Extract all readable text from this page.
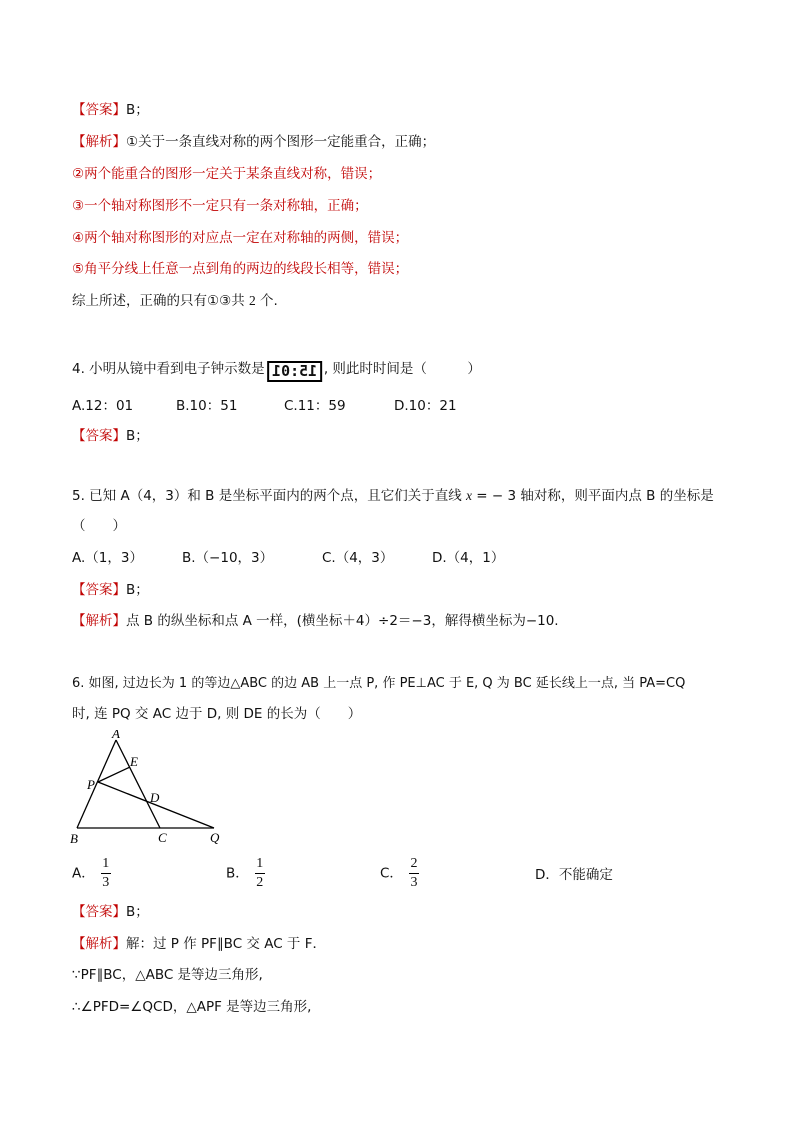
【答案】B；
【解析】①关于一条直线对称的两个图形一定能重合，正确；
②两个能重合的图形一定关于某条直线对称，错误；
③一个轴对称图形不一定只有一条对称轴，正确；
④两个轴对称图形的对应点一定在对称轴的两侧，错误；
⑤角平分线上任意一点到角的两边的线段长相等，错误；
综上所述，正确的只有①③共 2 个.
4. 小明从镜中看到电子钟示数是 15:01 , 则此时时间是（　　　）
A.12：01	B.10：51	C.11：59	D.10：21
【答案】B；
5. 已知 A（4，3）和 B 是坐标平面内的两个点，且它们关于直线 x = − 3 轴对称，则平面内点 B 的坐标是
（　　）
A.（1，3）	B.（−10，3）	C.（4，3）	D.（4，1）
【答案】B；
【解析】点 B 的纵坐标和点 A 一样，(横坐标＋4）÷2＝−3，解得横坐标为−10.
6. 如图, 过边长为 1 的等边△ABC 的边 AB 上一点 P, 作 PE⊥AC 于 E, Q 为 BC 延长线上一点, 当 PA=CQ
时, 连 PQ 交 AC 边于 D, 则 DE 的长为（　　）
A
E
P
D
B	C	Q
A． $\frac{1}{3}$	B． $\frac{1}{2}$	C． $\frac{2}{3}$	D．不能确定
【答案】B；
【解析】解：过 P 作 PF∥BC 交 AC 于 F．
∵PF∥BC，△ABC 是等边三角形,
∴∠PFD=∠QCD，△APF 是等边三角形,
